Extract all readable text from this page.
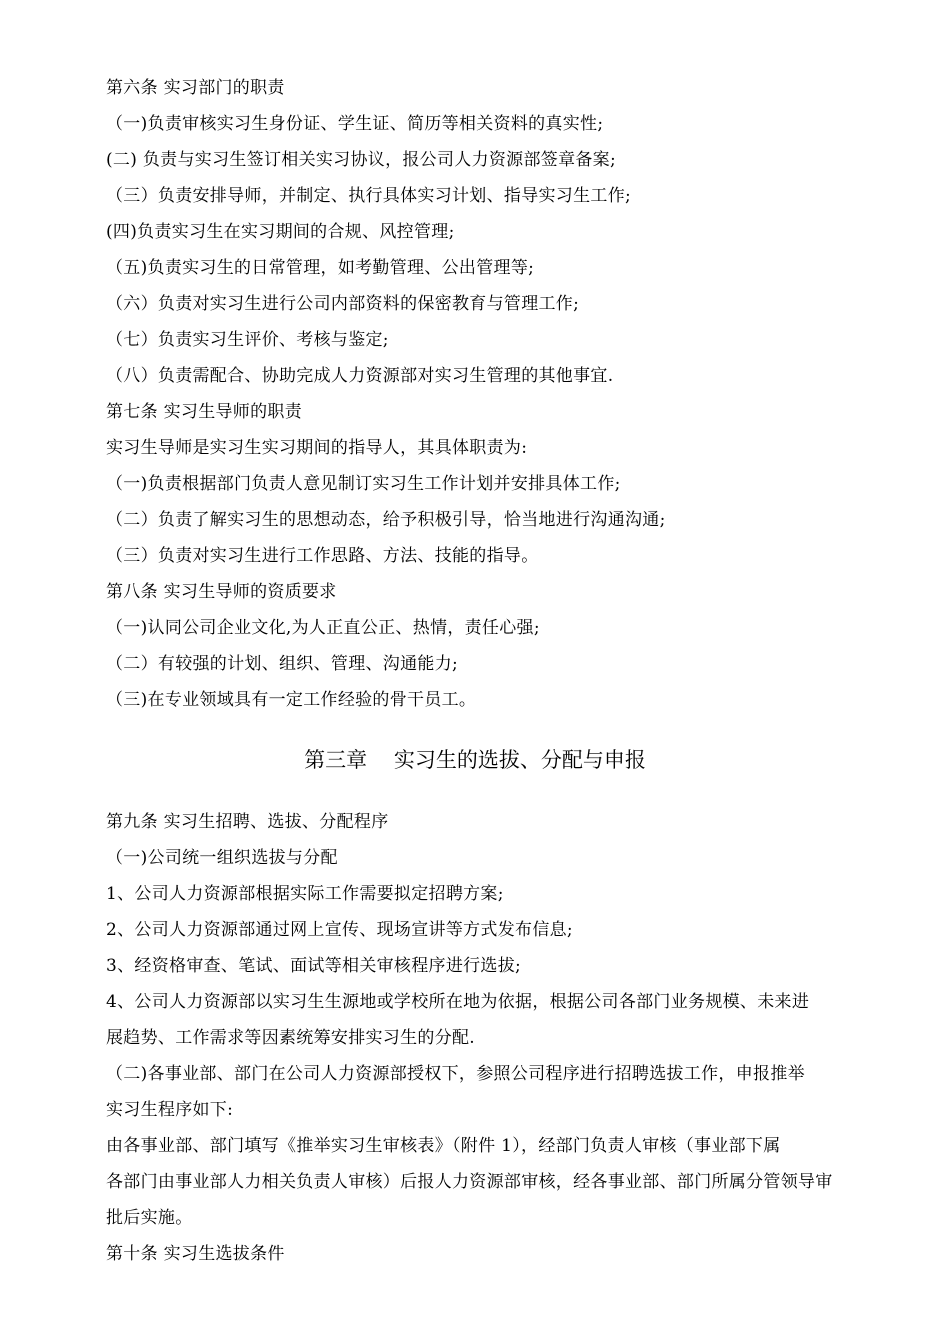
第六条 实习部门的职责
（一)负责审核实习生身份证、学生证、简历等相关资料的真实性;
(二) 负责与实习生签订相关实习协议，报公司人力资源部签章备案;
（三）负责安排导师，并制定、执行具体实习计划、指导实习生工作;
(四)负责实习生在实习期间的合规、风控管理;
（五)负责实习生的日常管理，如考勤管理、公出管理等;
（六）负责对实习生进行公司内部资料的保密教育与管理工作;
（七）负责实习生评价、考核与鉴定;
（八）负责需配合、协助完成人力资源部对实习生管理的其他事宜.
第七条 实习生导师的职责
实习生导师是实习生实习期间的指导人，其具体职责为:
（一)负责根据部门负责人意见制订实习生工作计划并安排具体工作;
（二）负责了解实习生的思想动态，给予积极引导，恰当地进行沟通沟通;
（三）负责对实习生进行工作思路、方法、技能的指导。
第八条 实习生导师的资质要求
（一)认同公司企业文化,为人正直公正、热情，责任心强;
（二）有较强的计划、组织、管理、沟通能力;
（三)在专业领域具有一定工作经验的骨干员工。
第三章    实习生的选拔、分配与申报
第九条 实习生招聘、选拔、分配程序
（一)公司统一组织选拔与分配
1、公司人力资源部根据实际工作需要拟定招聘方案;
2、公司人力资源部通过网上宣传、现场宣讲等方式发布信息;
3、经资格审查、笔试、面试等相关审核程序进行选拔;
4、公司人力资源部以实习生生源地或学校所在地为依据，根据公司各部门业务规模、未来进
展趋势、工作需求等因素统筹安排实习生的分配.
（二)各事业部、部门在公司人力资源部授权下，参照公司程序进行招聘选拔工作，申报推举
实习生程序如下:
由各事业部、部门填写《推举实习生审核表》（附件 1），经部门负责人审核（事业部下属
各部门由事业部人力相关负责人审核）后报人力资源部审核，经各事业部、部门所属分管领导审
批后实施。
第十条 实习生选拔条件
